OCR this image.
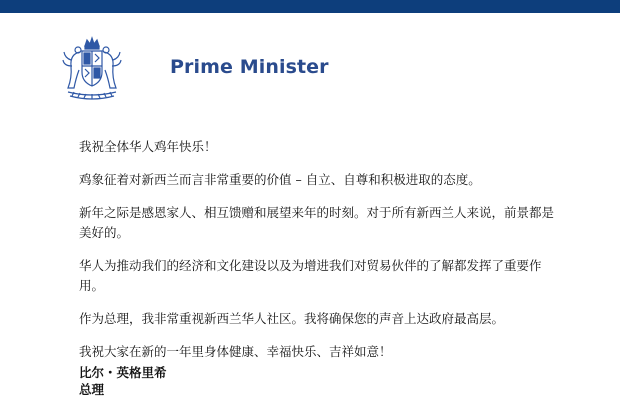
Prime Minister

我祝全体华人鸡年快乐！

鸡象征着对新西兰而言非常重要的价值 – 自立、自尊和积极进取的态度。

新年之际是感恩家人、相互馈赠和展望来年的时刻。对于所有新西兰人来说，前景都是美好的。

华人为推动我们的经济和文化建设以及为增进我们对贸易伙伴的了解都发挥了重要作用。

作为总理，我非常重视新西兰华人社区。我将确保您的声音上达政府最高层。

我祝大家在新的一年里身体健康、幸福快乐、吉祥如意！

比尔・英格里希
总理
